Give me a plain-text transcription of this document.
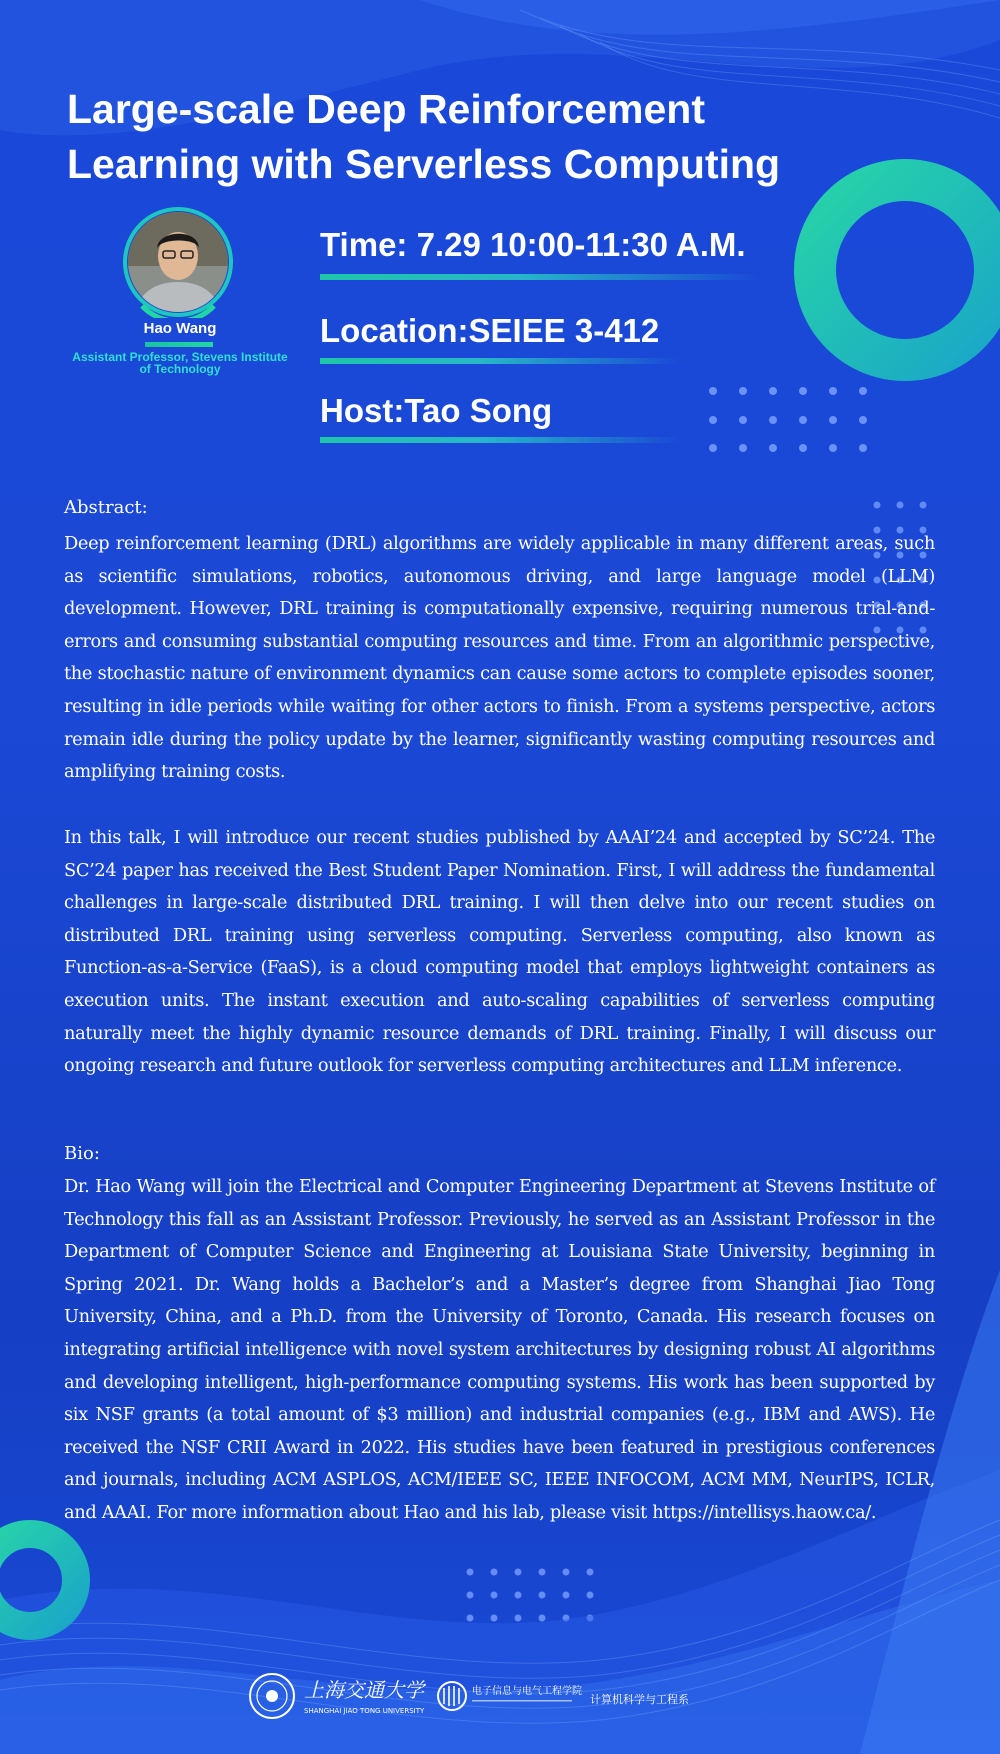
Large-scale Deep Reinforcement
Learning with Serverless Computing
Hao Wang
Assistant Professor, Stevens Institute
of Technology
Time: 7.29 10:00-11:30 A.M.
Location:SEIEE 3-412
Host:Tao Song
Abstract:
Deep reinforcement learning (DRL) algorithms are widely applicable in many different areas, such as scientific simulations, robotics, autonomous driving, and large language model (LLM) development. However, DRL training is computationally expensive, requiring numerous trial-and-errors and consuming substantial computing resources and time. From an algorithmic perspective, the stochastic nature of environment dynamics can cause some actors to complete episodes sooner, resulting in idle periods while waiting for other actors to finish. From a systems perspective, actors remain idle during the policy update by the learner, significantly wasting computing resources and amplifying training costs.
In this talk, I will introduce our recent studies published by AAAI’24 and accepted by SC’24. The SC’24 paper has received the Best Student Paper Nomination. First, I will address the fundamental challenges in large-scale distributed DRL training. I will then delve into our recent studies on distributed DRL training using serverless computing. Serverless computing, also known as Function-as-a-Service (FaaS), is a cloud computing model that employs lightweight containers as execution units. The instant execution and auto-scaling capabilities of serverless computing naturally meet the highly dynamic resource demands of DRL training. Finally, I will discuss our ongoing research and future outlook for serverless computing architectures and LLM inference.
Bio:
Dr. Hao Wang will join the Electrical and Computer Engineering Department at Stevens Institute of Technology this fall as an Assistant Professor. Previously, he served as an Assistant Professor in the Department of Computer Science and Engineering at Louisiana State University, beginning in Spring 2021. Dr. Wang holds a Bachelor’s and a Master’s degree from Shanghai Jiao Tong University, China, and a Ph.D. from the University of Toronto, Canada. His research focuses on integrating artificial intelligence with novel system architectures by designing robust AI algorithms and developing intelligent, high-performance computing systems. His work has been supported by six NSF grants (a total amount of $3 million) and industrial companies (e.g., IBM and AWS). He received the NSF CRII Award in 2022. His studies have been featured in prestigious conferences and journals, including ACM ASPLOS, ACM/IEEE SC, IEEE INFOCOM, ACM MM, NeurIPS, ICLR, and AAAI. For more information about Hao and his lab, please visit https://intellisys.haow.ca/.
上海交通大学
SHANGHAI JIAO TONG UNIVERSITY
电子信息与电气工程学院
计算机科学与工程系
